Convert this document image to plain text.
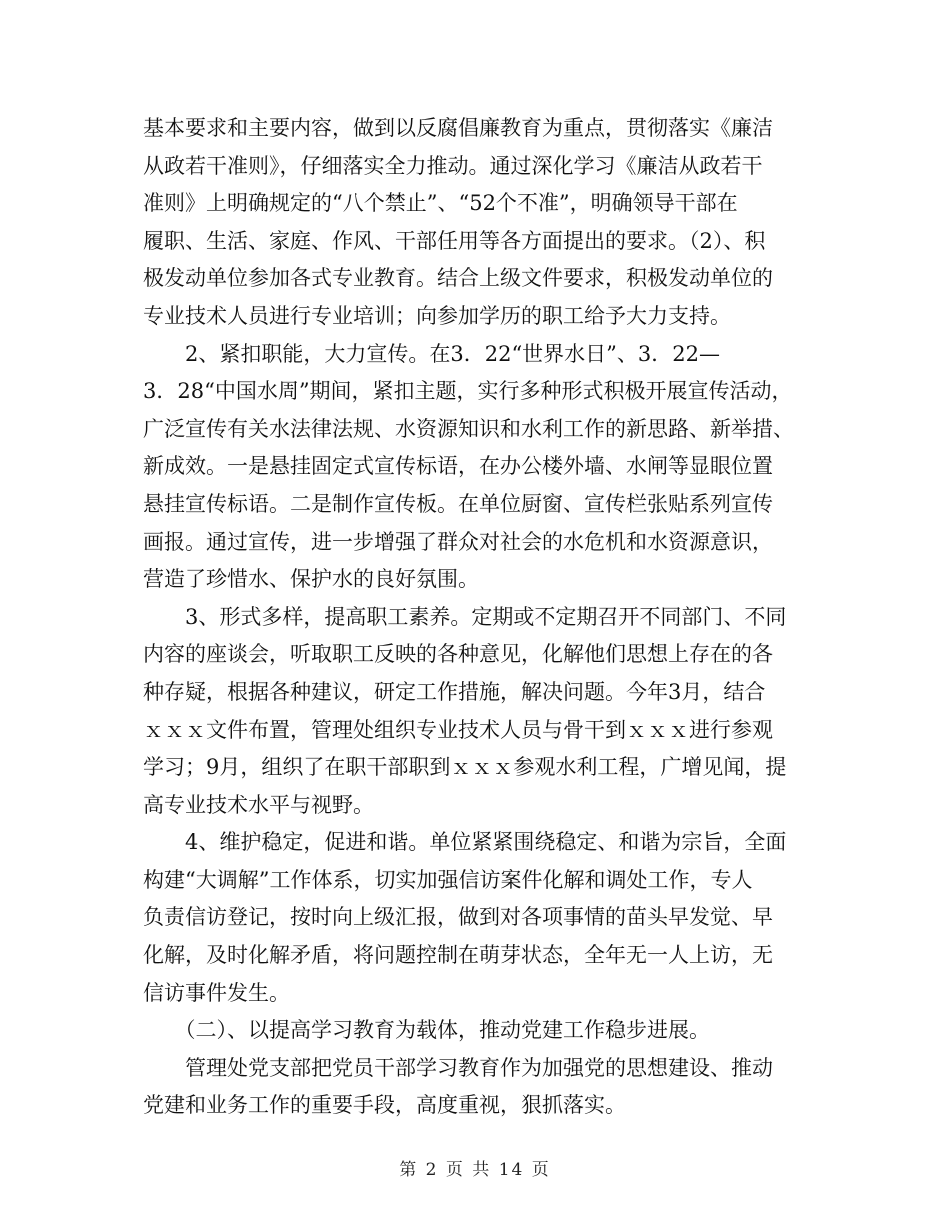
基本要求和主要内容，做到以反腐倡廉教育为重点，贯彻落实《廉洁
从政若干准则》，仔细落实全力推动。通过深化学习《廉洁从政若干
准则》上明确规定的“八个禁止”、“52个不准”，明确领导干部在
履职、生活、家庭、作风、干部任用等各方面提出的要求。（2）、积
极发动单位参加各式专业教育。结合上级文件要求，积极发动单位的
专业技术人员进行专业培训；向参加学历的职工给予大力支持。
　　2、紧扣职能，大力宣传。在3．22“世界水日”、3．22—
3．28“中国水周”期间，紧扣主题，实行多种形式积极开展宣传活动，
广泛宣传有关水法律法规、水资源知识和水利工作的新思路、新举措、
新成效。一是悬挂固定式宣传标语，在办公楼外墙、水闸等显眼位置
悬挂宣传标语。二是制作宣传板。在单位厨窗、宣传栏张贴系列宣传
画报。通过宣传，进一步增强了群众对社会的水危机和水资源意识，
营造了珍惜水、保护水的良好氛围。
　　3、形式多样，提高职工素养。定期或不定期召开不同部门、不同
内容的座谈会，听取职工反映的各种意见，化解他们思想上存在的各
种存疑，根据各种建议，研定工作措施，解决问题。今年3月，结合
ｘｘｘ文件布置，管理处组织专业技术人员与骨干到ｘｘｘ进行参观
学习；9月，组织了在职干部职到ｘｘｘ参观水利工程，广增见闻，提
高专业技术水平与视野。
　　4、维护稳定，促进和谐。单位紧紧围绕稳定、和谐为宗旨，全面
构建“大调解”工作体系，切实加强信访案件化解和调处工作，专人
负责信访登记，按时向上级汇报，做到对各项事情的苗头早发觉、早
化解，及时化解矛盾，将问题控制在萌芽状态，全年无一人上访，无
信访事件发生。
　　（二）、以提高学习教育为载体，推动党建工作稳步进展。
　　管理处党支部把党员干部学习教育作为加强党的思想建设、推动
党建和业务工作的重要手段，高度重视，狠抓落实。
第 2 页 共 14 页
